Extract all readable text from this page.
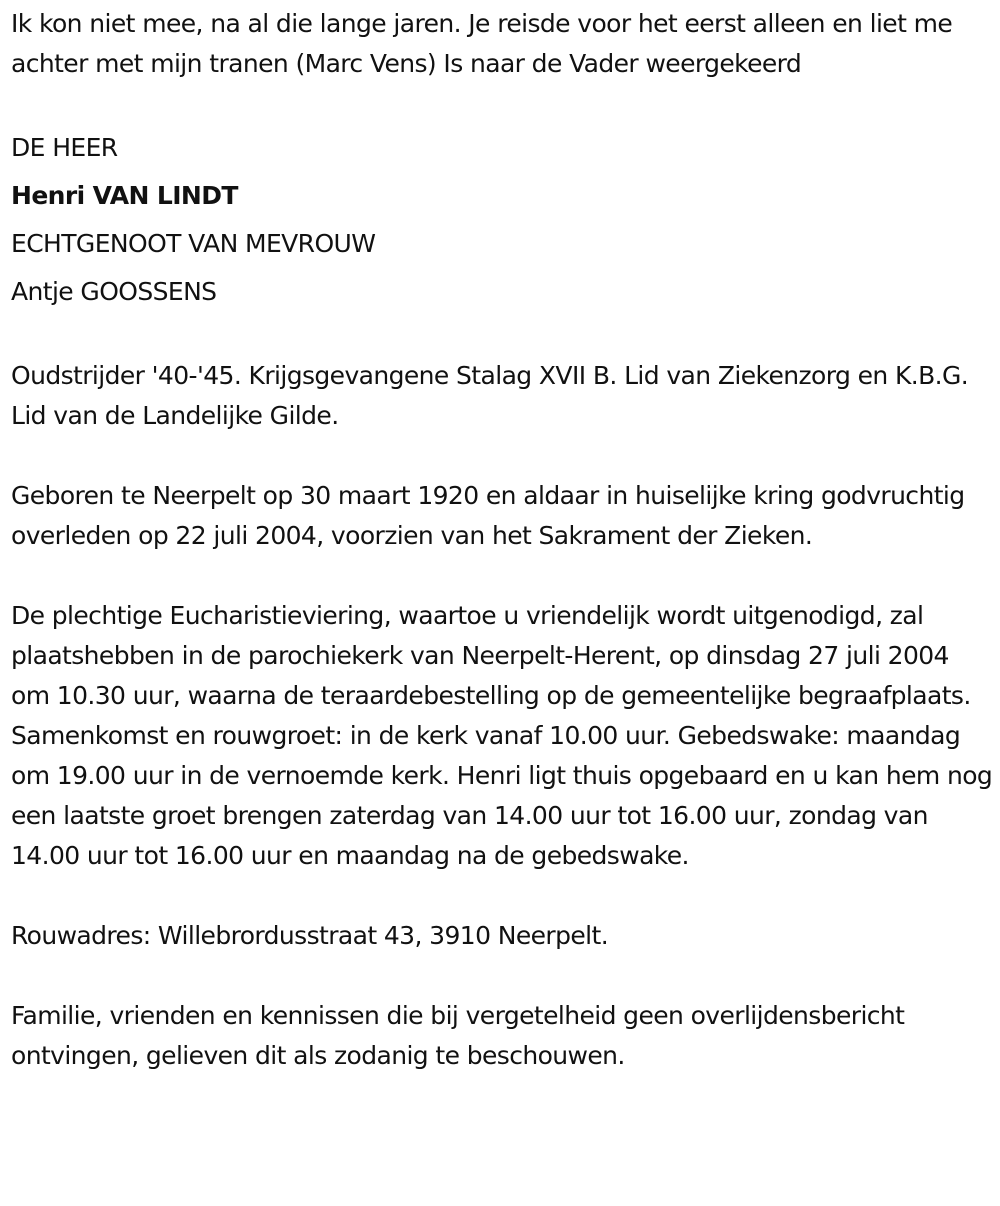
Ik kon niet mee, na al die lange jaren. Je reisde voor het eerst alleen en liet me achter met mijn tranen (Marc Vens) Is naar de Vader weergekeerd

DE HEER

Henri VAN LINDT

ECHTGENOOT VAN MEVROUW

Antje GOOSSENS

Oudstrijder '40-'45. Krijgsgevangene Stalag XVII B. Lid van Ziekenzorg en K.B.G. Lid van de Landelijke Gilde.

Geboren te Neerpelt op 30 maart 1920 en aldaar in huiselijke kring godvruchtig overleden op 22 juli 2004, voorzien van het Sakrament der Zieken.

De plechtige Eucharistieviering, waartoe u vriendelijk wordt uitgenodigd, zal plaatshebben in de parochiekerk van Neerpelt-Herent, op dinsdag 27 juli 2004 om 10.30 uur, waarna de teraardebestelling op de gemeentelijke begraafplaats. Samenkomst en rouwgroet: in de kerk vanaf 10.00 uur. Gebedswake: maandag om 19.00 uur in de vernoemde kerk. Henri ligt thuis opgebaard en u kan hem nog een laatste groet brengen zaterdag van 14.00 uur tot 16.00 uur, zondag van 14.00 uur tot 16.00 uur en maandag na de gebedswake.

Rouwadres: Willebrordusstraat 43, 3910 Neerpelt.

Familie, vrienden en kennissen die bij vergetelheid geen overlijdensbericht ontvingen, gelieven dit als zodanig te beschouwen.
